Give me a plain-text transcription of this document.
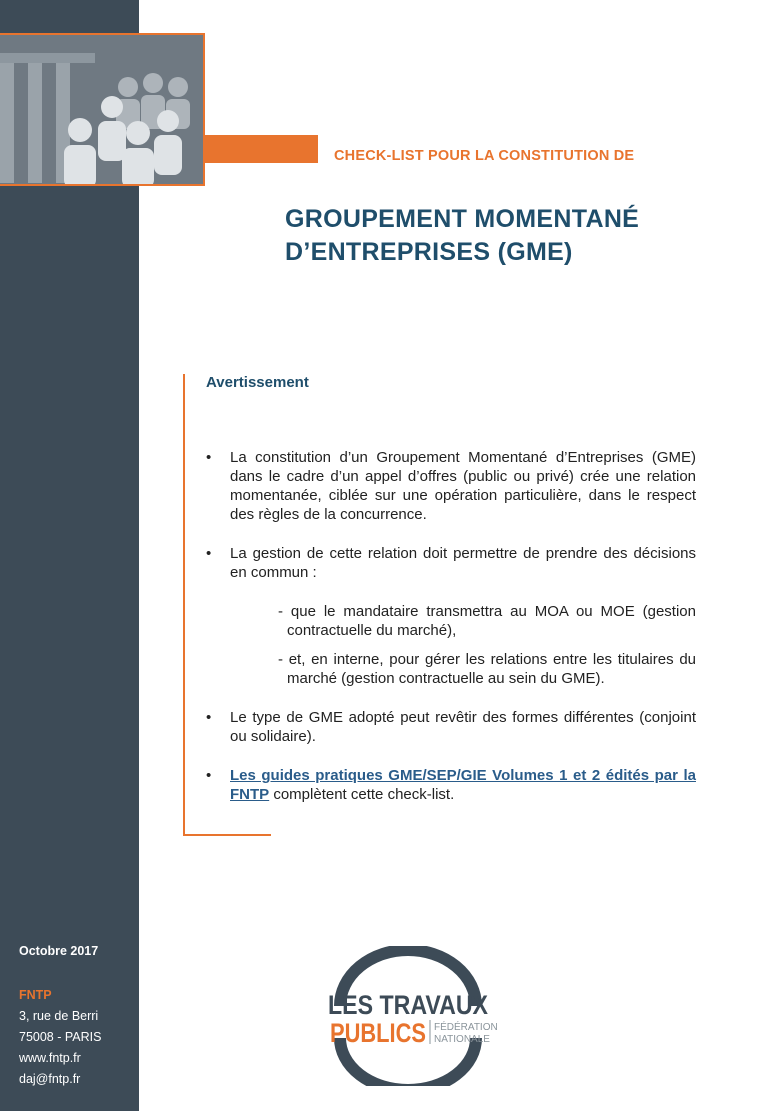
CHECK-LIST POUR LA CONSTITUTION DE
GROUPEMENT MOMENTANÉ
D’ENTREPRISES (GME)
Avertissement
•	La constitution d’un Groupement Momentané d’Entreprises (GME) dans le cadre d’un appel d’offres (public ou privé) crée une relation momentanée, ciblée sur une opération particulière, dans le respect des règles de la concurrence.
•	La gestion de cette relation doit permettre de prendre des décisions en commun :
- que le mandataire transmettra au MOA ou MOE (gestion contractuelle du marché),
- et, en interne, pour gérer les relations entre les titulaires du marché (gestion contractuelle au sein du GME).
•	Le type de GME adopté peut revêtir des formes différentes (conjoint ou solidaire).
•	Les guides pratiques GME/SEP/GIE Volumes 1 et 2 édités par la FNTP complètent cette check-list.
Octobre 2017
FNTP
3, rue de Berri
75008 - PARIS
www.fntp.fr
daj@fntp.fr
LES TRAVAUX
PUBLICS FÉDÉRATION
NATIONALE
